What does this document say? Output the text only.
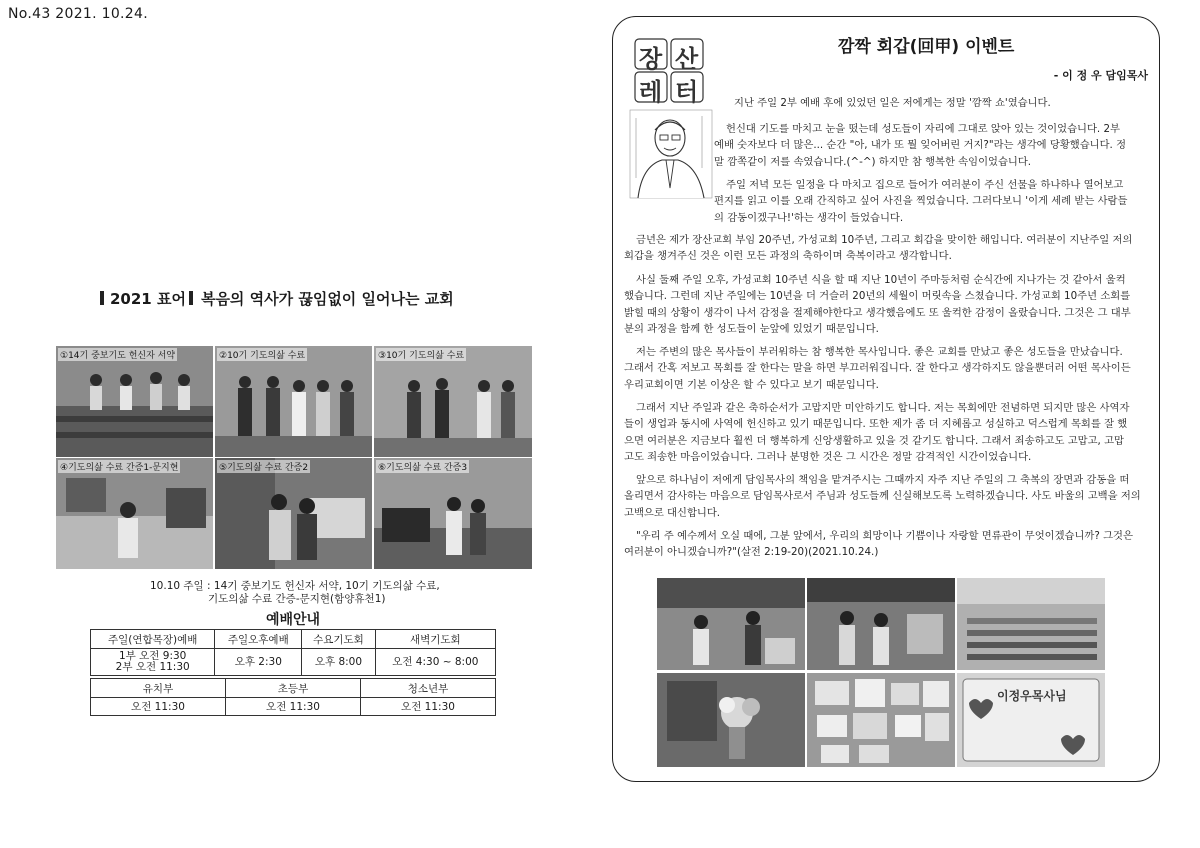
No.43 2021. 10.24.
2021 표어 복음의 역사가 끊임없이 일어나는 교회
①14기 중보기도 헌신자 서약	②10기 기도의삶 수료	③10기 기도의삶 수료
④기도의삶 수료 간증1-문지현	⑤기도의삶 수료 간증2	⑥기도의삶 수료 간증3
10.10 주일 : 14기 중보기도 헌신자 서약, 10기 기도의삶 수료,
기도의삶 수료 간증-문지현(함양휴천1)
예배안내
주일(연합목장)예배	주일오후예배	수요기도회	새벽기도회

1부 오전 9:30
2부 오전 11:30	오후 2:30	오후 8:00	오전 4:30 ~ 8:00
유치부	초등부	청소년부
오전 11:30	오전 11:30	오전 11:30
장 산
레 터
깜짝 회갑(回甲) 이벤트
- 이 정 우 담임목사
지난 주일 2부 예배 후에 있었던 일은 저에게는 정말 '깜짝 쇼'였습니다.
헌신대 기도를 마치고 눈을 떴는데 성도들이 자리에 그대로 앉아 있는 것이었습니다. 2부
예배 숫자보다 더 많은... 순간 "아, 내가 또 뭘 잊어버린 거지?"라는 생각에 당황했습니다. 정
말 깜쪽같이 저를 속였습니다.(^-^) 하지만 참 행복한 속임이었습니다.
주일 저녁 모든 일정을 다 마치고 집으로 들어가 여러분이 주신 선물을 하나하나 열어보고
편지를 읽고 이를 오래 간직하고 싶어 사진을 찍었습니다. 그러다보니 '이게 세례 받는 사람들
의 감동이겠구나!'하는 생각이 들었습니다.
금년은 제가 장산교회 부임 20주년, 가성교회 10주년, 그리고 회갑을 맞이한 해입니다. 여러분이 지난주일 저의
회갑을 챙겨주신 것은 이런 모든 과정의 축하이며 축복이라고 생각합니다.
사실 둘째 주일 오후, 가성교회 10주년 식을 할 때 지난 10년이 주마등처럼 순식간에 지나가는 것 같아서 울컥
했습니다. 그런데 지난 주일에는 10년을 더 거슬러 20년의 세월이 머릿속을 스쳤습니다. 가성교회 10주년 소회를
밝힐 때의 상황이 생각이 나서 감정을 절제해야한다고 생각했음에도 또 울컥한 감정이 올랐습니다. 그것은 그 대부
분의 과정을 함께 한 성도들이 눈앞에 있었기 때문입니다.
저는 주변의 많은 목사들이 부러워하는 참 행복한 목사입니다. 좋은 교회를 만났고 좋은 성도들을 만났습니다.
그래서 간혹 저보고 목회를 잘 한다는 말을 하면 부끄러워집니다. 잘 한다고 생각하지도 않을뿐더러 어떤 목사이든
우리교회이면 기본 이상은 할 수 있다고 보기 때문입니다.
그래서 지난 주일과 같은 축하순서가 고맙지만 미안하기도 합니다. 저는 목회에만 전념하면 되지만 많은 사역자
들이 생업과 동시에 사역에 헌신하고 있기 때문입니다. 또한 제가 좀 더 지혜롭고 성실하고 덕스럽게 목회를 잘 했
으면 여러분은 지금보다 훨씬 더 행복하게 신앙생활하고 있을 것 같기도 합니다. 그래서 죄송하고도 고맙고, 고맙
고도 죄송한 마음이었습니다. 그러나 분명한 것은 그 시간은 정말 감격적인 시간이었습니다.
앞으로 하나님이 저에게 담임목사의 책임을 맡겨주시는 그때까지 자주 지난 주일의 그 축복의 장면과 감동을 떠
올리면서 감사하는 마음으로 담임목사로서 주님과 성도들께 신실해보도록 노력하겠습니다. 사도 바울의 고백을 저의
고백으로 대신합니다.
"우리 주 예수께서 오실 때에, 그분 앞에서, 우리의 희망이나 기쁨이나 자랑할 면류관이 무엇이겠습니까? 그것은
여러분이 아니겠습니까?"(살전 2:19-20)(2021.10.24.)
이정우목사님
